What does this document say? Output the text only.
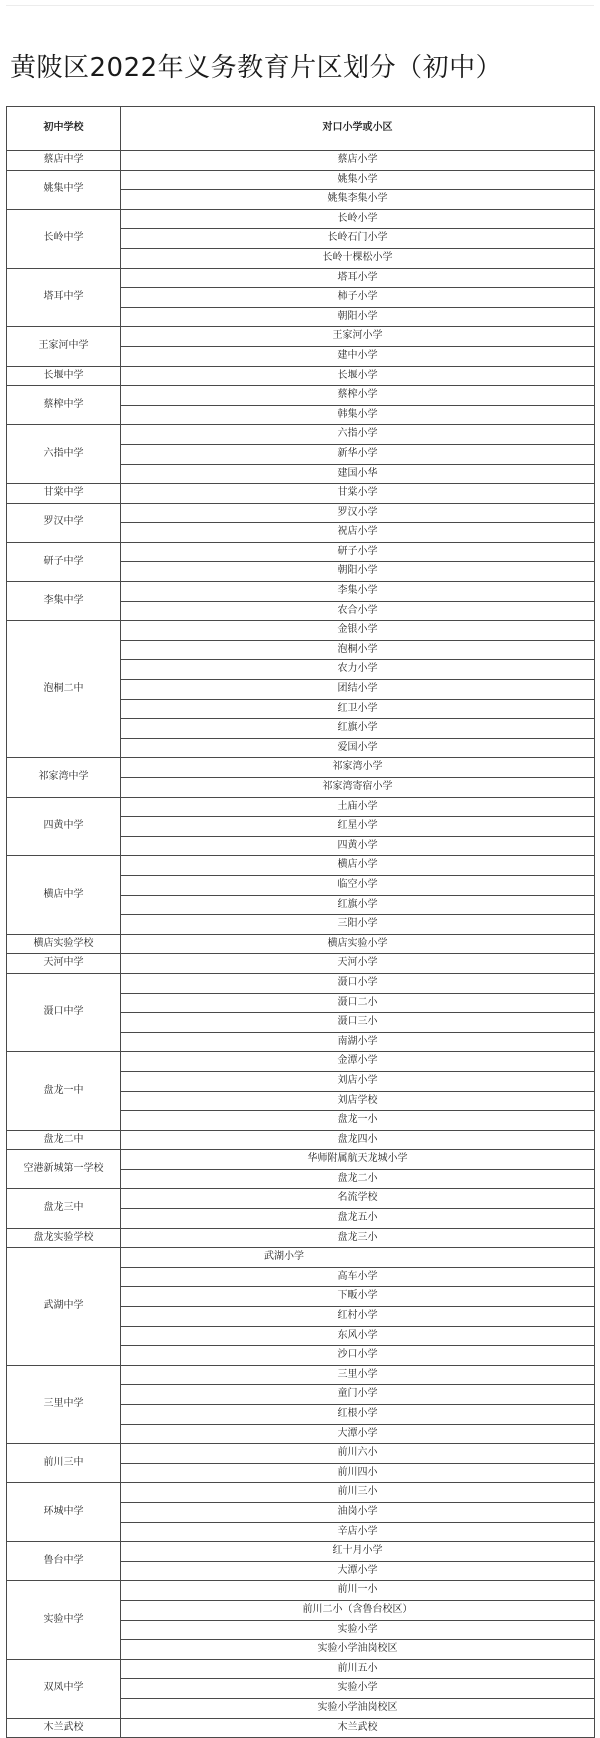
黄陂区2022年义务教育片区划分（初中）
初中学校	对口小学或小区
蔡店中学	蔡店小学
姚集中学	姚集小学
	姚集李集小学
长岭中学	长岭小学
	长岭石门小学
	长岭十棵松小学
塔耳中学	塔耳小学
	柿子小学
	朝阳小学
王家河中学	王家河小学
	建中小学
长堰中学	长堰小学
蔡榨中学	蔡榨小学
	韩集小学
六指中学	六指小学
	新华小学
	建国小华
甘棠中学	甘棠小学
罗汉中学	罗汉小学
	祝店小学
研子中学	研子小学
	朝阳小学
李集中学	李集小学
	农合小学
泡桐二中	金银小学
	泡桐小学
	农力小学
	团结小学
	红卫小学
	红旗小学
	爱国小学
祁家湾中学	祁家湾小学
	祁家湾寄宿小学
四黄中学	土庙小学
	红星小学
	四黄小学
横店中学	横店小学
	临空小学
	红旗小学
	三阳小学
横店实验学校	横店实验小学
天河中学	天河小学
滠口中学	滠口小学
	滠口二小
	滠口三小
	南湖小学
盘龙一中	金潭小学
	刘店小学
	刘店学校
	盘龙一小
盘龙二中	盘龙四小
空港新城第一学校	华师附属航天龙城小学
	盘龙二小
盘龙三中	名流学校
	盘龙五小
盘龙实验学校	盘龙三小
武湖中学	武湖小学
	高车小学
	下畈小学
	红村小学
	东风小学
	沙口小学
三里中学	三里小学
	童门小学
	红根小学
	大潭小学
前川三中	前川六小
	前川四小
环城中学	前川三小
	油岗小学
	辛店小学
鲁台中学	红十月小学
	大潭小学
实验中学	前川一小
	前川二小（含鲁台校区）
	实验小学
	实验小学油岗校区
双凤中学	前川五小
	实验小学
	实验小学油岗校区
木兰武校	木兰武校
